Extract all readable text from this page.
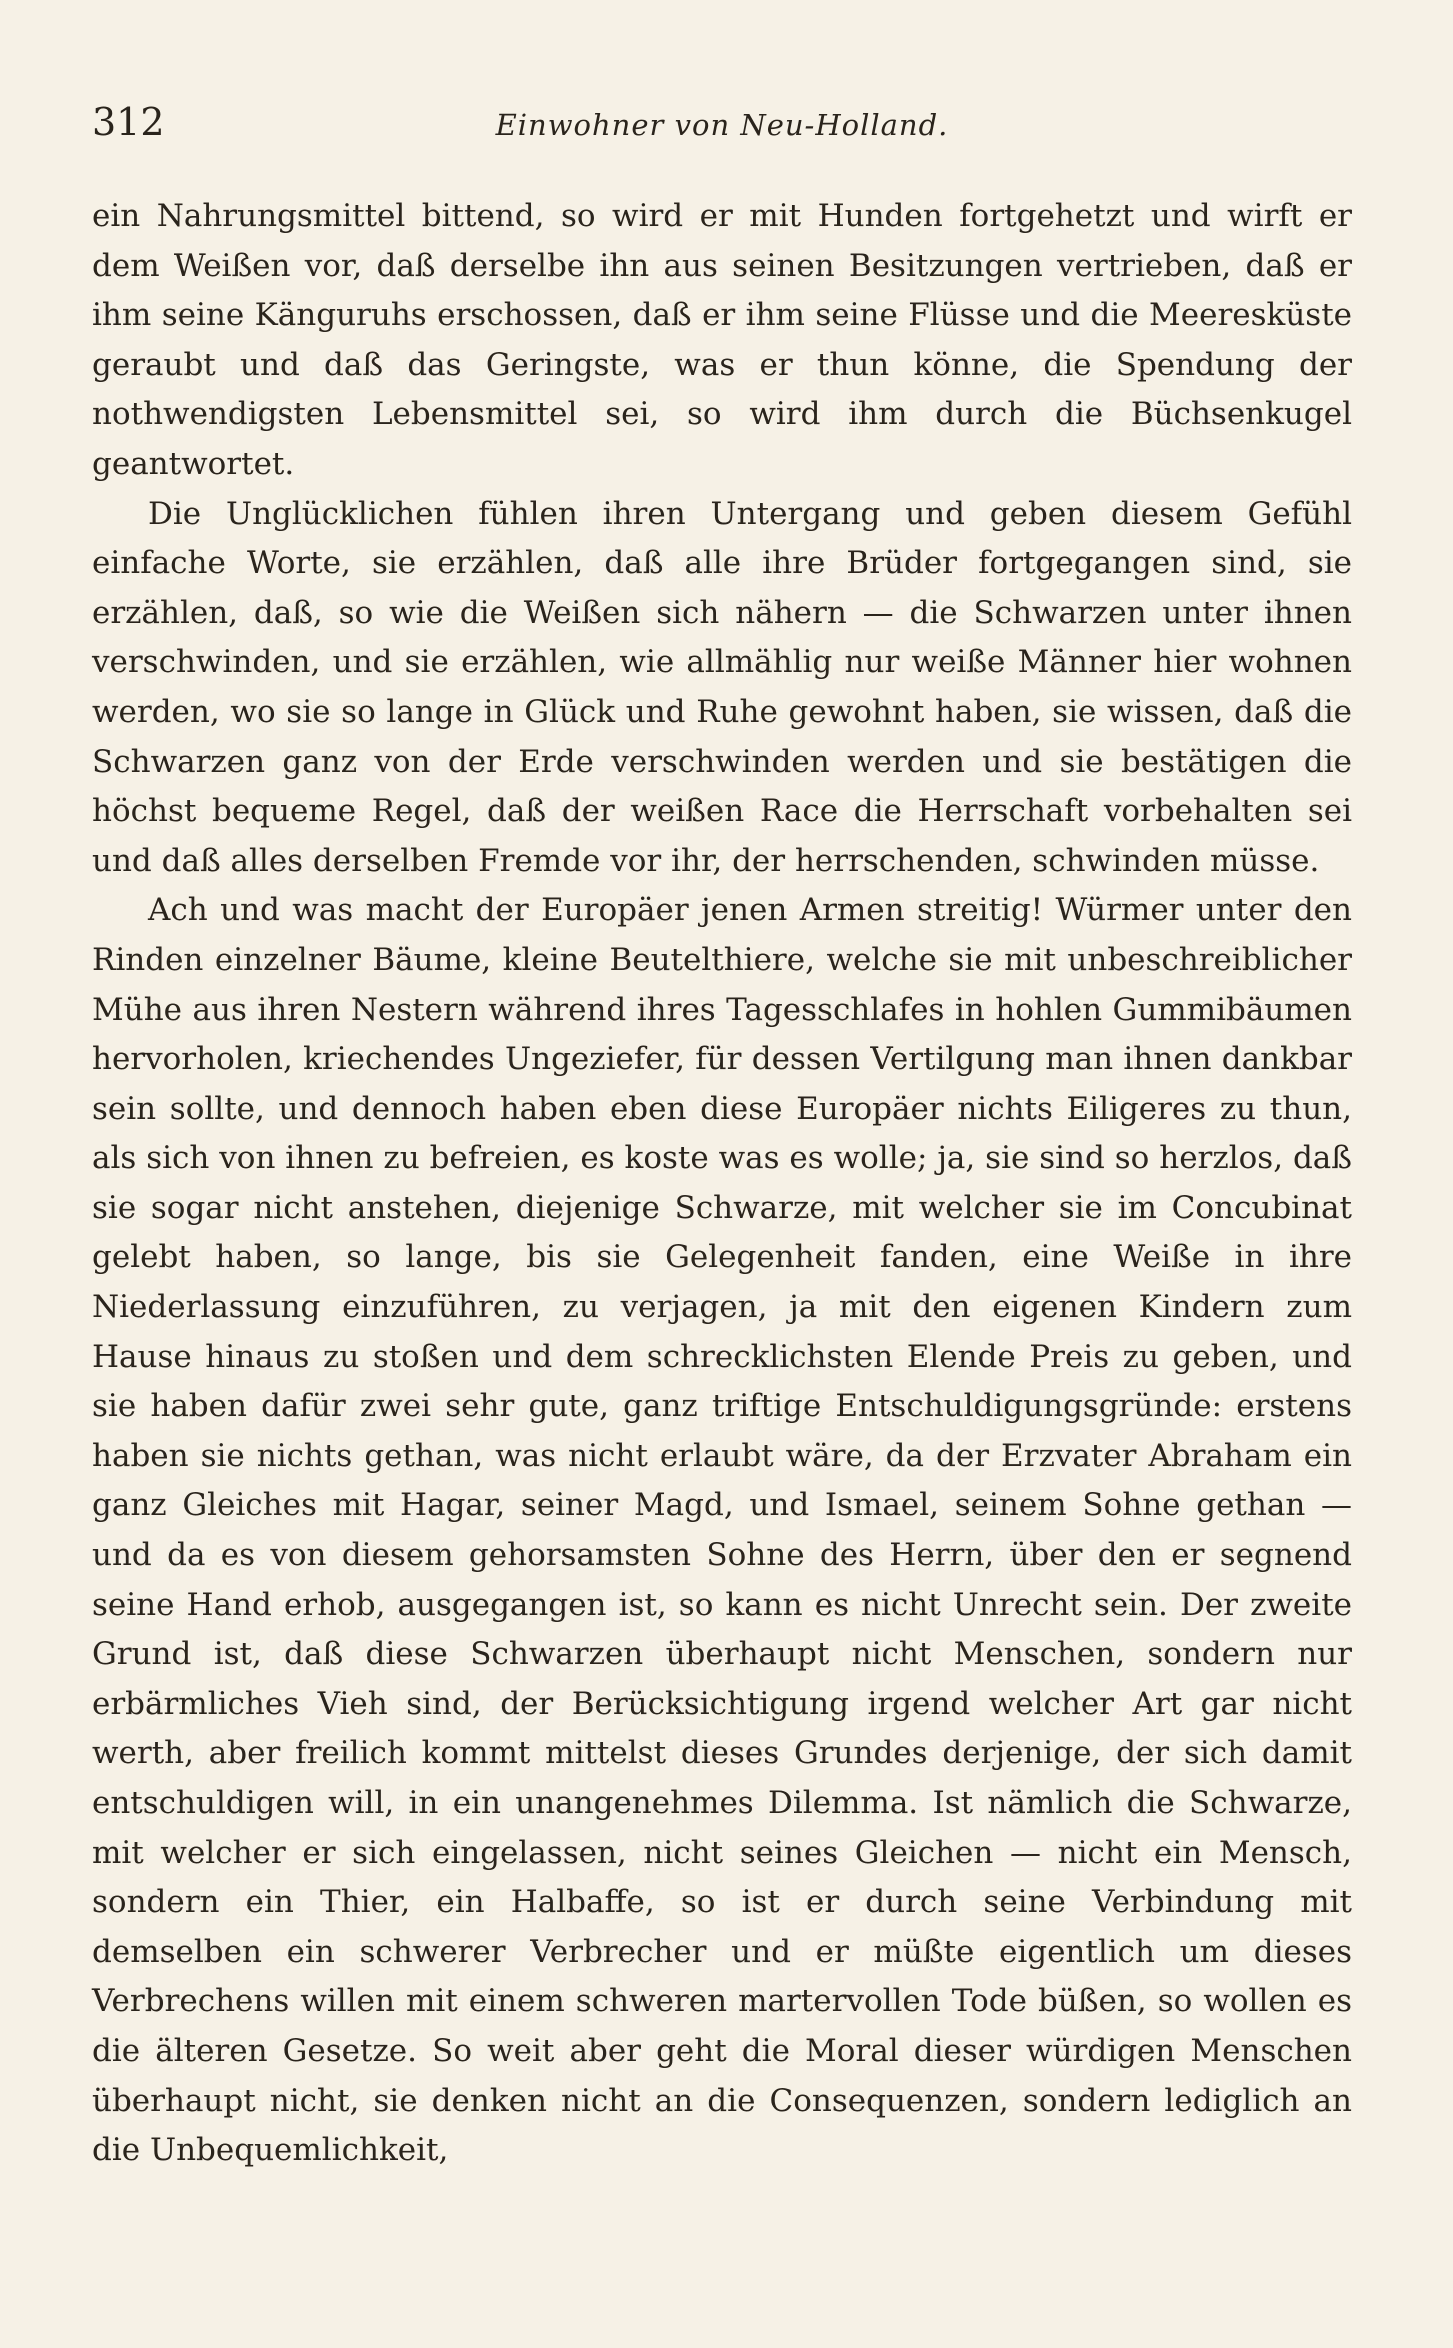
312	Einwohner von Neu-Holland.

ein Nahrungsmittel bittend, so wird er mit Hunden fortgehetzt und wirft er dem Weißen vor, daß derselbe ihn aus seinen Besitzungen vertrieben, daß er ihm seine Känguruhs erschossen, daß er ihm seine Flüsse und die Meeresküste geraubt und daß das Geringste, was er thun könne, die Spendung der nothwendigsten Lebensmittel sei, so wird ihm durch die Büchsenkugel geantwortet.

Die Unglücklichen fühlen ihren Untergang und geben diesem Gefühl einfache Worte, sie erzählen, daß alle ihre Brüder fortgegangen sind, sie erzählen, daß, so wie die Weißen sich nähern — die Schwarzen unter ihnen verschwinden, und sie erzählen, wie allmählig nur weiße Männer hier wohnen werden, wo sie so lange in Glück und Ruhe gewohnt haben, sie wissen, daß die Schwarzen ganz von der Erde verschwinden werden und sie bestätigen die höchst bequeme Regel, daß der weißen Race die Herrschaft vorbehalten sei und daß alles derselben Fremde vor ihr, der herrschenden, schwinden müsse.

Ach und was macht der Europäer jenen Armen streitig! Würmer unter den Rinden einzelner Bäume, kleine Beutelthiere, welche sie mit unbeschreiblicher Mühe aus ihren Nestern während ihres Tagesschlafes in hohlen Gummibäumen hervorholen, kriechendes Ungeziefer, für dessen Vertilgung man ihnen dankbar sein sollte, und dennoch haben eben diese Europäer nichts Eiligeres zu thun, als sich von ihnen zu befreien, es koste was es wolle; ja, sie sind so herzlos, daß sie sogar nicht anstehen, diejenige Schwarze, mit welcher sie im Concubinat gelebt haben, so lange, bis sie Gelegenheit fanden, eine Weiße in ihre Niederlassung einzuführen, zu verjagen, ja mit den eigenen Kindern zum Hause hinaus zu stoßen und dem schrecklichsten Elende Preis zu geben, und sie haben dafür zwei sehr gute, ganz triftige Entschuldigungsgründe: erstens haben sie nichts gethan, was nicht erlaubt wäre, da der Erzvater Abraham ein ganz Gleiches mit Hagar, seiner Magd, und Ismael, seinem Sohne gethan — und da es von diesem gehorsamsten Sohne des Herrn, über den er segnend seine Hand erhob, ausgegangen ist, so kann es nicht Unrecht sein. Der zweite Grund ist, daß diese Schwarzen überhaupt nicht Menschen, sondern nur erbärmliches Vieh sind, der Berücksichtigung irgend welcher Art gar nicht werth, aber freilich kommt mittelst dieses Grundes derjenige, der sich damit entschuldigen will, in ein unangenehmes Dilemma. Ist nämlich die Schwarze, mit welcher er sich eingelassen, nicht seines Gleichen — nicht ein Mensch, sondern ein Thier, ein Halbaffe, so ist er durch seine Verbindung mit demselben ein schwerer Verbrecher und er müßte eigentlich um dieses Verbrechens willen mit einem schweren martervollen Tode büßen, so wollen es die älteren Gesetze. So weit aber geht die Moral dieser würdigen Menschen überhaupt nicht, sie denken nicht an die Consequenzen, sondern lediglich an die Unbequemlichkeit,
